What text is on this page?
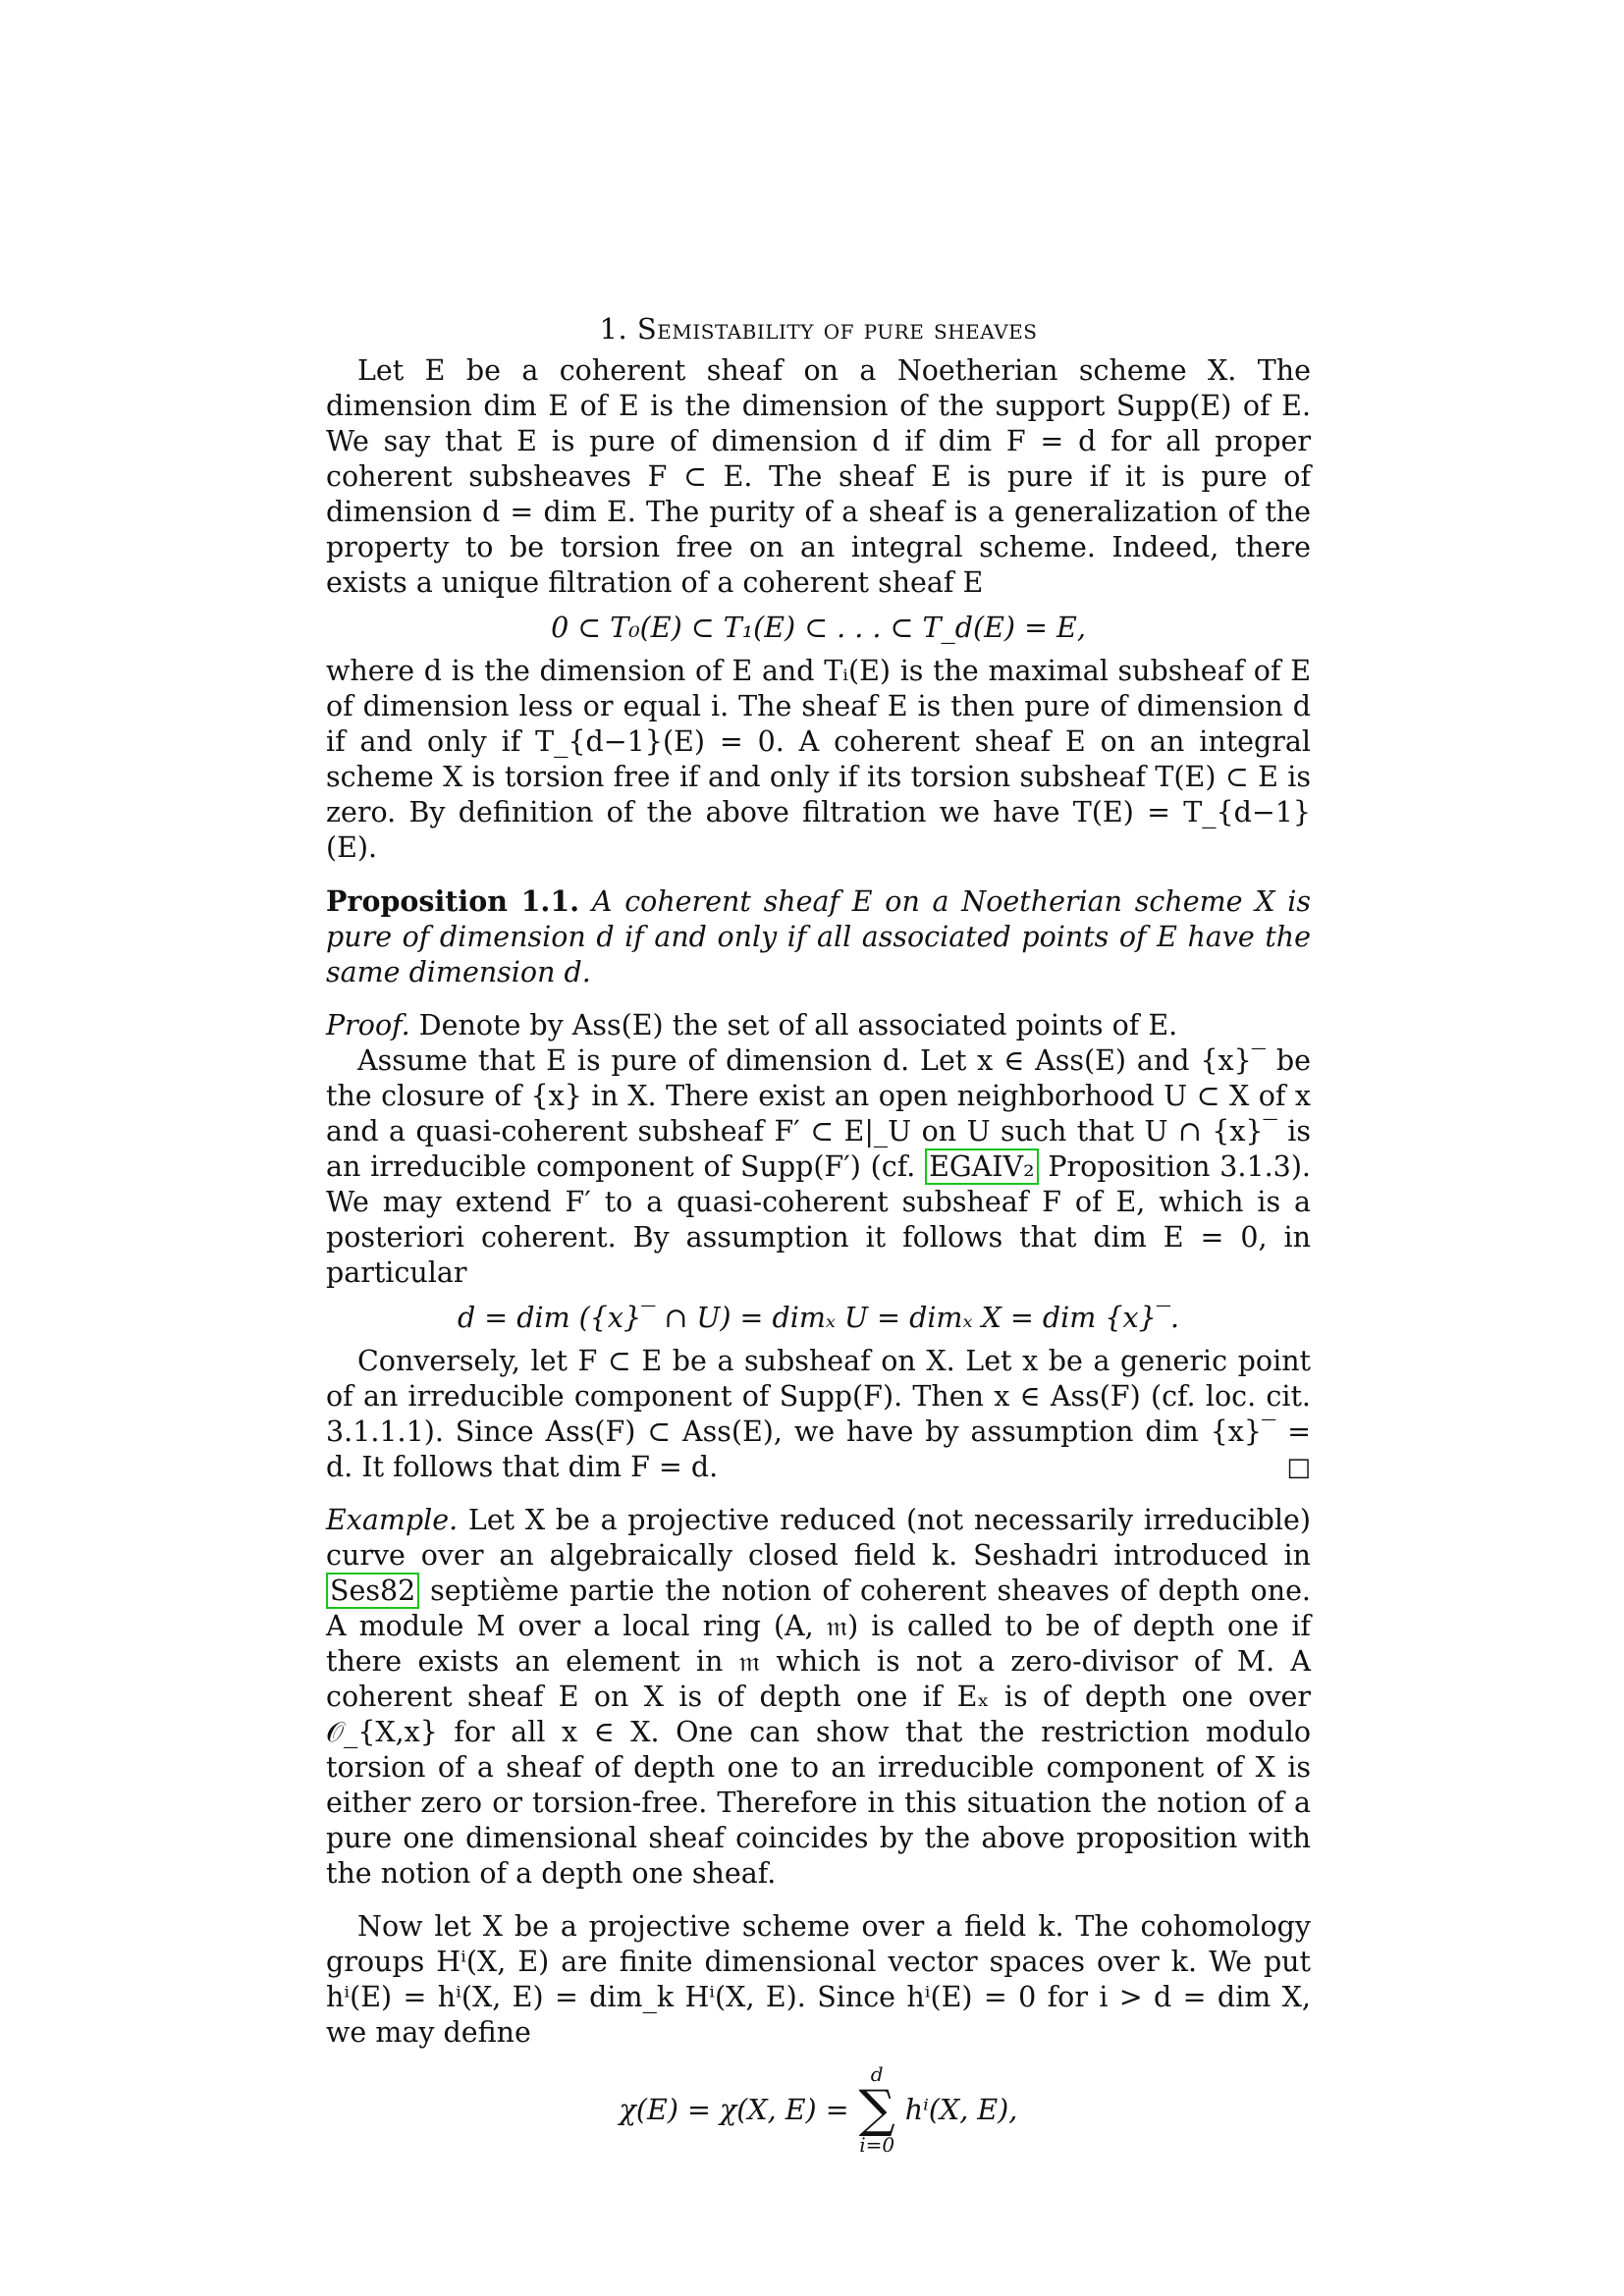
1. Semistability of pure sheaves

Let E be a coherent sheaf on a Noetherian scheme X. The dimension dim E of E is the dimension of the support Supp(E) of E. We say that E is pure of dimension d if dim F = d for all proper coherent subsheaves F ⊂ E. The sheaf E is pure if it is pure of dimension d = dim E. The purity of a sheaf is a generalization of the property to be torsion free on an integral scheme. Indeed, there exists a unique filtration of a coherent sheaf E

0 ⊂ T₀(E) ⊂ T₁(E) ⊂ . . . ⊂ T_d(E) = E,

where d is the dimension of E and Tᵢ(E) is the maximal subsheaf of E of dimension less or equal i. The sheaf E is then pure of dimension d if and only if T_{d−1}(E) = 0. A coherent sheaf E on an integral scheme X is torsion free if and only if its torsion subsheaf T(E) ⊂ E is zero. By definition of the above filtration we have T(E) = T_{d−1}(E).

Proposition 1.1. A coherent sheaf E on a Noetherian scheme X is pure of dimension d if and only if all associated points of E have the same dimension d.

Proof. Denote by Ass(E) the set of all associated points of E.

Assume that E is pure of dimension d. Let x ∈ Ass(E) and {x}‾ be the closure of {x} in X. There exist an open neighborhood U ⊂ X of x and a quasi-coherent subsheaf F′ ⊂ E|_U on U such that U ∩ {x}‾ is an irreducible component of Supp(F′) (cf. EGAIV₂ Proposition 3.1.3). We may extend F′ to a quasi-coherent subsheaf F of E, which is a posteriori coherent. By assumption it follows that dim E = 0, in particular

d = dim ({x}‾ ∩ U) = dimₓ U = dimₓ X = dim {x}‾.

Conversely, let F ⊂ E be a subsheaf on X. Let x be a generic point of an irreducible component of Supp(F). Then x ∈ Ass(F) (cf. loc. cit. 3.1.1.1). Since Ass(F) ⊂ Ass(E), we have by assumption dim {x}‾ = d. It follows that dim F = d.	□

Example. Let X be a projective reduced (not necessarily irreducible) curve over an algebraically closed field k. Seshadri introduced in Ses82 septième partie the notion of coherent sheaves of depth one. A module M over a local ring (A, 𝔪) is called to be of depth one if there exists an element in 𝔪 which is not a zero-divisor of M. A coherent sheaf E on X is of depth one if Eₓ is of depth one over 𝒪_{X,x} for all x ∈ X. One can show that the restriction modulo torsion of a sheaf of depth one to an irreducible component of X is either zero or torsion-free. Therefore in this situation the notion of a pure one dimensional sheaf coincides by the above proposition with the notion of a depth one sheaf.

Now let X be a projective scheme over a field k. The cohomology groups Hⁱ(X, E) are finite dimensional vector spaces over k. We put hⁱ(E) = hⁱ(X, E) = dim_k Hⁱ(X, E). Since hⁱ(E) = 0 for i > d = dim X, we may define

χ(E) = χ(X, E) =
d
∑
i=0
hⁱ(X, E),
